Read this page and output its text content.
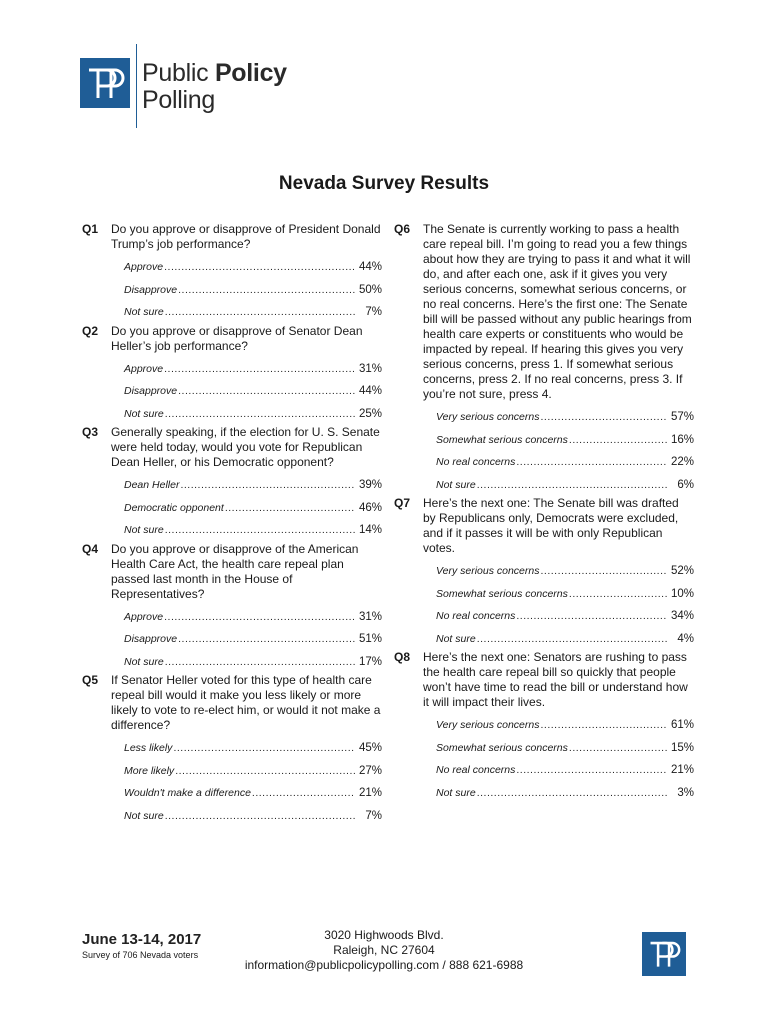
Public Policy
Polling
Nevada Survey Results
Q1	Do you approve or disapprove of President Donald Trump’s job performance?
Approve .....	44%
Disapprove .....	50%
Not sure .....	7%
Q2	Do you approve or disapprove of Senator Dean Heller’s job performance?
Approve .....	31%
Disapprove .....	44%
Not sure .....	25%
Q3	Generally speaking, if the election for U. S. Senate were held today, would you vote for Republican Dean Heller, or his Democratic opponent?
Dean Heller .....	39%
Democratic opponent .....	46%
Not sure .....	14%
Q4	Do you approve or disapprove of the American Health Care Act, the health care repeal plan passed last month in the House of Representatives?
Approve .....	31%
Disapprove .....	51%
Not sure .....	17%
Q5	If Senator Heller voted for this type of health care repeal bill would it make you less likely or more likely to vote to re-elect him, or would it not make a difference?
Less likely .....	45%
More likely .....	27%
Wouldn't make a difference .....	21%
Not sure .....	7%
Q6	The Senate is currently working to pass a health care repeal bill. I’m going to read you a few things about how they are trying to pass it and what it will do, and after each one, ask if it gives you very serious concerns, somewhat serious concerns, or no real concerns. Here’s the first one: The Senate bill will be passed without any public hearings from health care experts or constituents who would be impacted by repeal. If hearing this gives you very serious concerns, press 1. If somewhat serious concerns, press 2. If no real concerns, press 3. If you’re not sure, press 4.
Very serious concerns .....	57%
Somewhat serious concerns .....	16%
No real concerns .....	22%
Not sure .....	6%
Q7	Here’s the next one: The Senate bill was drafted by Republicans only, Democrats were excluded, and if it passes it will be with only Republican votes.
Very serious concerns .....	52%
Somewhat serious concerns .....	10%
No real concerns .....	34%
Not sure .....	4%
Q8	Here’s the next one: Senators are rushing to pass the health care repeal bill so quickly that people won’t have time to read the bill or understand how it will impact their lives.
Very serious concerns .....	61%
Somewhat serious concerns .....	15%
No real concerns .....	21%
Not sure .....	3%
June 13-14, 2017
Survey of 706 Nevada voters
3020 Highwoods Blvd.
Raleigh, NC 27604
information@publicpolicypolling.com / 888 621-6988
